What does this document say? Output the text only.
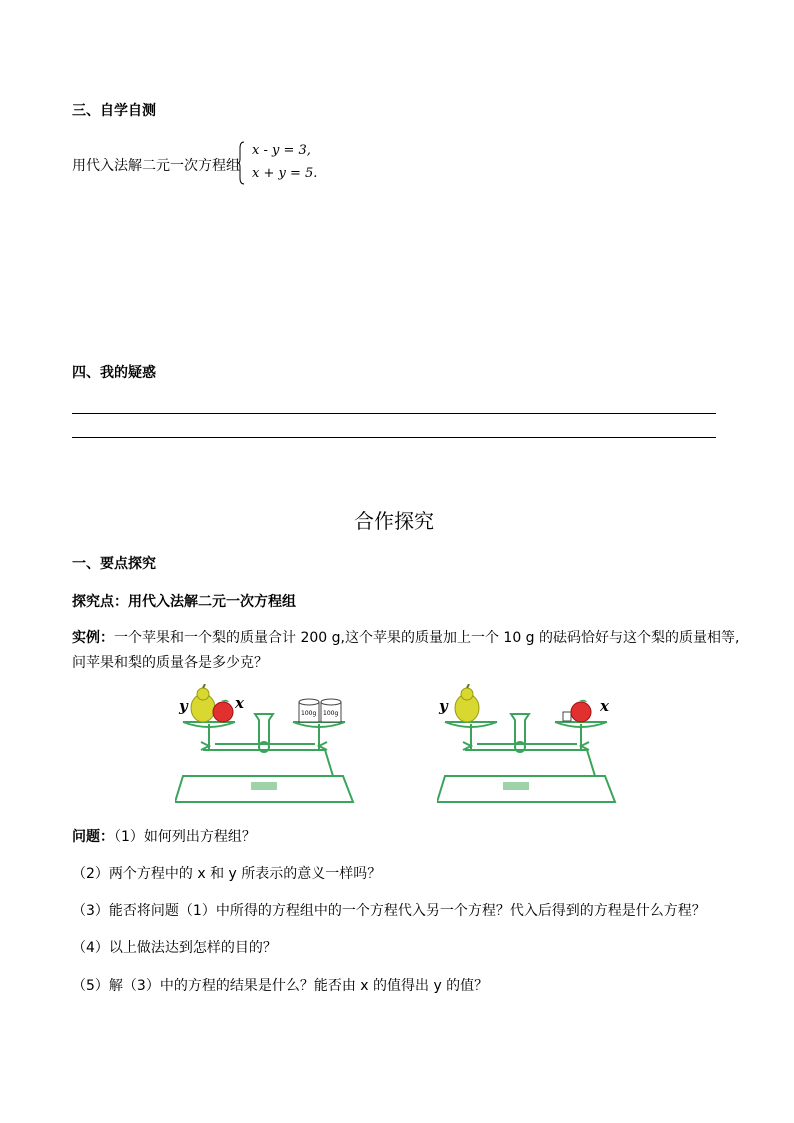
三、自学自测
用代入法解二元一次方程组
x - y = 3,
x + y = 5.
四、我的疑惑
合作探究
一、要点探究
探究点：用代入法解二元一次方程组
实例：一个苹果和一个梨的质量合计 200 g,这个苹果的质量加上一个 10 g 的砝码恰好与这个梨的质量相等,
问苹果和梨的质量各是多少克？
100g 100g
y	x	y	x
问题：（1）如何列出方程组？
（2）两个方程中的 x 和 y 所表示的意义一样吗？
（3）能否将问题（1）中所得的方程组中的一个方程代入另一个方程？代入后得到的方程是什么方程？
（4）以上做法达到怎样的目的？
（5）解（3）中的方程的结果是什么？能否由 x 的值得出 y 的值？
